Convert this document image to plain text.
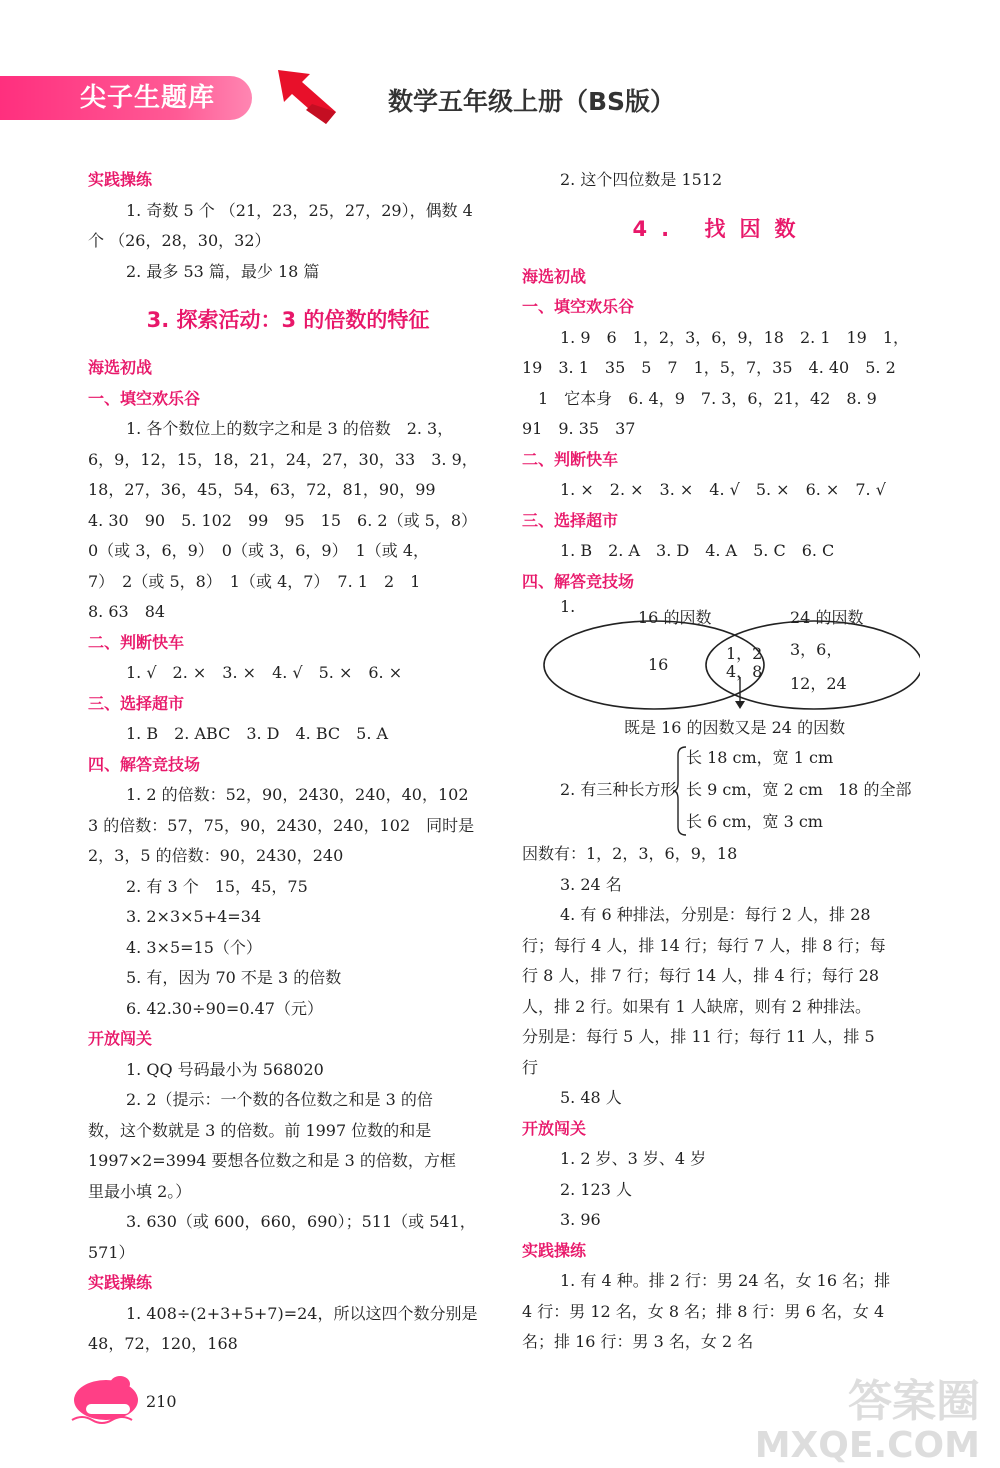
尖子生题库	数学五年级上册（BS版）
实践操练
1. 奇数 5 个 （21，23，25，27，29），偶数 4
个 （26，28，30，32）
2. 最多 53 篇，最少 18 篇
3. 探索活动：3 的倍数的特征
海选初战
一、填空欢乐谷
1. 各个数位上的数字之和是 3 的倍数　2. 3，
6，9，12，15，18，21，24，27，30，33　3. 9，
18，27，36，45，54，63，72，81，90，99
4. 30　90　5. 102　99　95　15　6. 2（或 5，8）
0（或 3，6，9）　0（或 3，6，9）　1（或 4，
7）　2（或 5，8）　1（或 4，7）　7. 1　2　1
8. 63　84
二、判断快车
1. √　2. ×　3. ×　4. √　5. ×　6. ×
三、选择超市
1. B　2. ABC　3. D　4. BC　5. A
四、解答竞技场
1. 2 的倍数：52，90，2430，240，40，102
3 的倍数：57，75，90，2430，240，102　同时是
2，3，5 的倍数：90，2430，240
2. 有 3 个　15，45，75
3. 2×3×5+4=34
4. 3×5=15（个）
5. 有，因为 70 不是 3 的倍数
6. 42.30÷90=0.47（元）
开放闯关
1. QQ 号码最小为 568020
2. 2（提示：一个数的各位数之和是 3 的倍
数，这个数就是 3 的倍数。前 1997 位数的和是
1997×2=3994 要想各位数之和是 3 的倍数，方框
里最小填 2。）
3. 630（或 600，660，690）；511（或 541，
571）
实践操练
1. 408÷(2+3+5+7)=24，所以这四个数分别是
48，72，120，168
2. 这个四位数是 1512
4. 找因数
海选初战
一、填空欢乐谷
1. 9　6　1，2，3，6，9，18　2. 1　19　1，
19　3. 1　35　5　7　1，5，7，35　4. 40　5. 2
1　它本身　6. 4，9　7. 3，6，21，42　8. 9
91　9. 35　37
二、判断快车
1. ×　2. ×　3. ×　4. √　5. ×　6. ×　7. √
三、选择超市
1. B　2. A　3. D　4. A　5. C　6. C
四、解答竞技场
1.
16 的因数	24 的因数
16
1，2
4，8
3，6，
12，24
既是 16 的因数又是 24 的因数
2. 有三种长方形
长 18 cm，宽 1 cm
长 9 cm，宽 2 cm
长 6 cm，宽 3 cm
18 的全部
因数有：1，2，3，6，9，18
3. 24 名
4. 有 6 种排法，分别是：每行 2 人，排 28
行；每行 4 人，排 14 行；每行 7 人，排 8 行；每
行 8 人，排 7 行；每行 14 人，排 4 行；每行 28
人，排 2 行。如果有 1 人缺席，则有 2 种排法。
分别是：每行 5 人，排 11 行；每行 11 人，排 5
行
5. 48 人
开放闯关
1. 2 岁、3 岁、4 岁
2. 123 人
3. 96
实践操练
1. 有 4 种。排 2 行：男 24 名，女 16 名；排
4 行：男 12 名，女 8 名；排 8 行：男 6 名，女 4
名；排 16 行：男 3 名，女 2 名
210	答案圈
MXQE.COM
